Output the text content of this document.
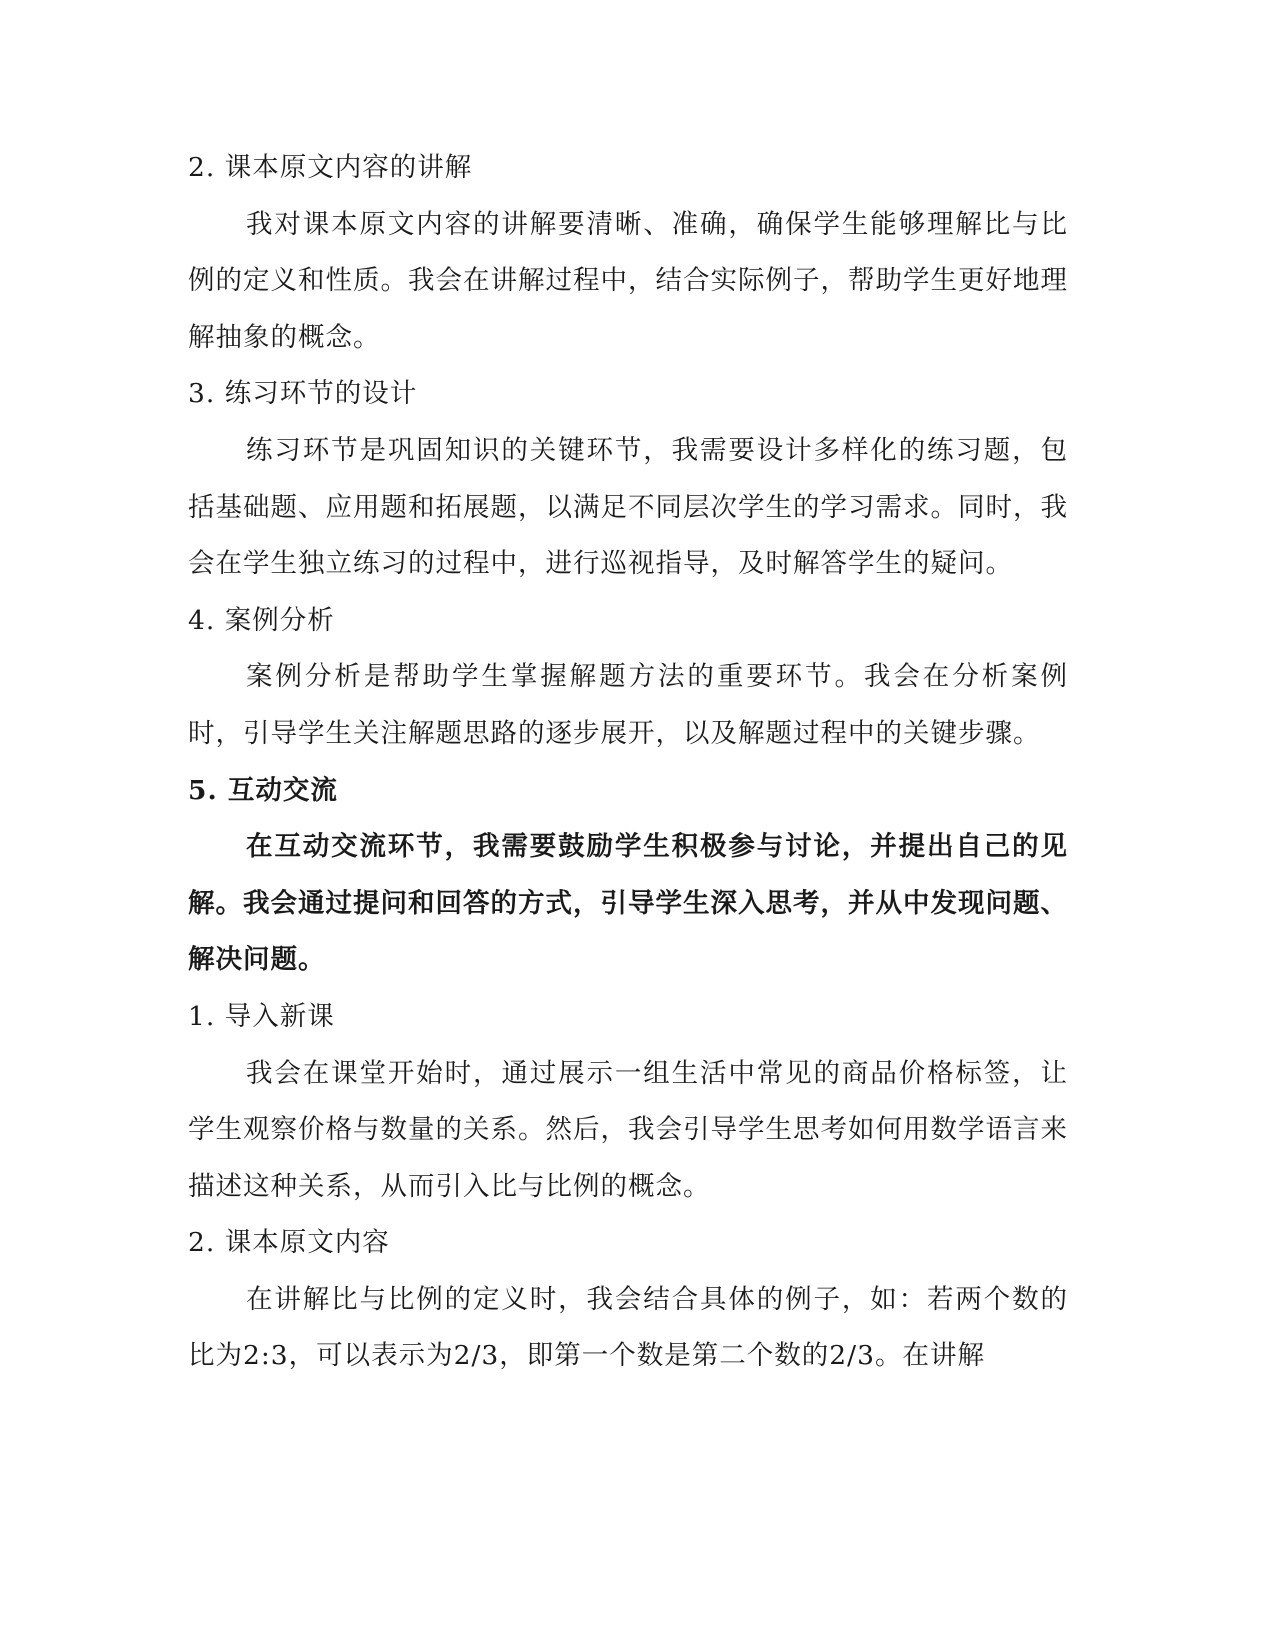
2. 课本原文内容的讲解

我对课本原文内容的讲解要清晰、准确，确保学生能够理解比与比例的定义和性质。我会在讲解过程中，结合实际例子，帮助学生更好地理解抽象的概念。

3. 练习环节的设计

练习环节是巩固知识的关键环节，我需要设计多样化的练习题，包括基础题、应用题和拓展题，以满足不同层次学生的学习需求。同时，我会在学生独立练习的过程中，进行巡视指导，及时解答学生的疑问。

4. 案例分析

案例分析是帮助学生掌握解题方法的重要环节。我会在分析案例时，引导学生关注解题思路的逐步展开，以及解题过程中的关键步骤。

5. 互动交流

在互动交流环节，我需要鼓励学生积极参与讨论，并提出自己的见解。我会通过提问和回答的方式，引导学生深入思考，并从中发现问题、解决问题。

1. 导入新课

我会在课堂开始时，通过展示一组生活中常见的商品价格标签，让学生观察价格与数量的关系。然后，我会引导学生思考如何用数学语言来描述这种关系，从而引入比与比例的概念。

2. 课本原文内容

在讲解比与比例的定义时，我会结合具体的例子，如：若两个数的比为2:3，可以表示为2/3，即第一个数是第二个数的2/3。在讲解
